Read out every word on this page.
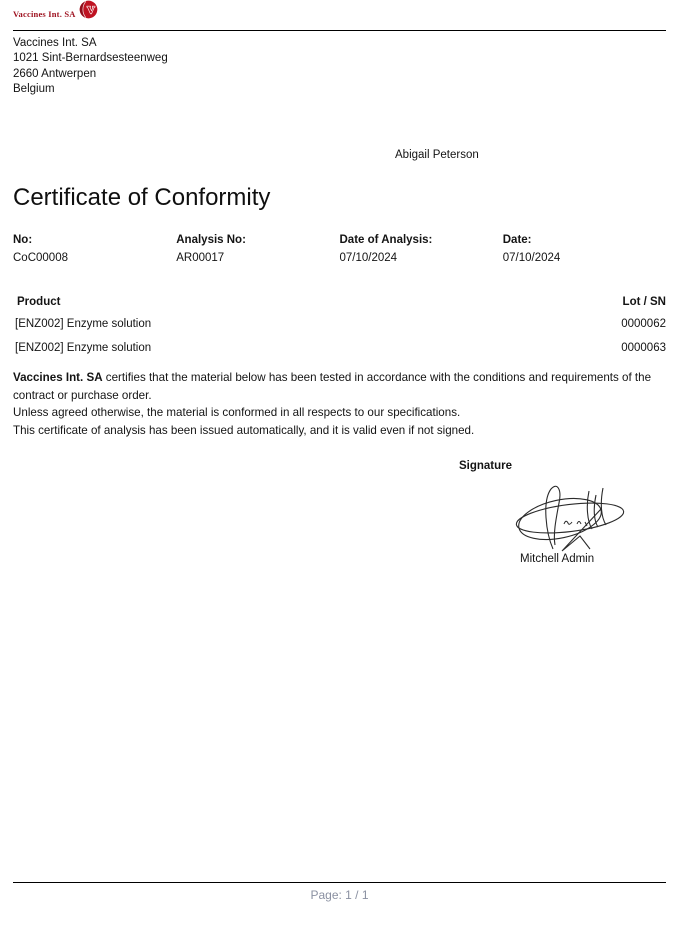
Vaccines Int. SA V
Vaccines Int. SA
1021 Sint-Bernardsesteenweg
2660 Antwerpen
Belgium
Abigail Peterson
Certificate of Conformity
No:
CoC00008
Analysis No:
AR00017
Date of Analysis:
07/10/2024
Date:
07/10/2024
Product	Lot / SN
[ENZ002] Enzyme solution	0000062
[ENZ002] Enzyme solution	0000063
Vaccines Int. SA certifies that the material below has been tested in accordance with the conditions and requirements of the contract or purchase order.
Unless agreed otherwise, the material is conformed in all respects to our specifications.
This certificate of analysis has been issued automatically, and it is valid even if not signed.
Signature
Mitchell Admin
Page: 1 / 1
